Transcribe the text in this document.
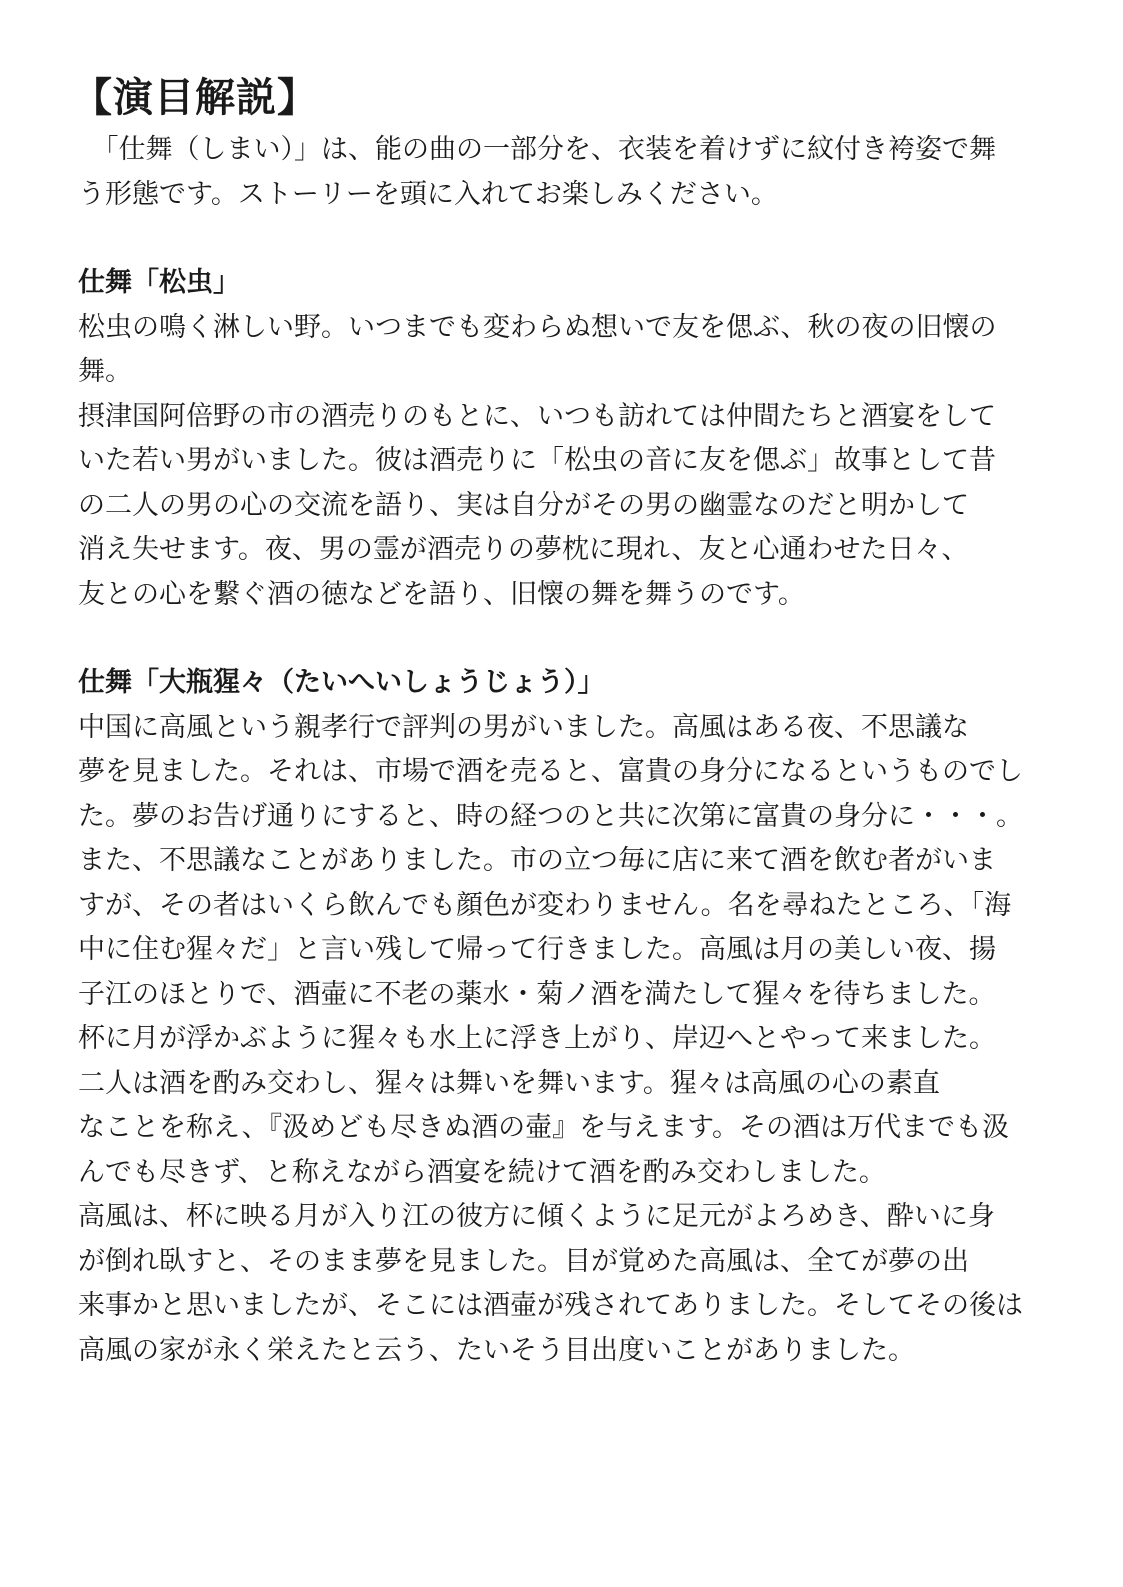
【演目解説】

　「仕舞（しまい）」は、能の曲の一部分を、衣装を着けずに紋付き袴姿で舞

う形態です。ストーリーを頭に入れてお楽しみください。

仕舞「松虫」

松虫の鳴く淋しい野。いつまでも変わらぬ想いで友を偲ぶ、秋の夜の旧懐の

舞。

摂津国阿倍野の市の酒売りのもとに、いつも訪れては仲間たちと酒宴をして

いた若い男がいました。彼は酒売りに「松虫の音に友を偲ぶ」故事として昔

の二人の男の心の交流を語り、実は自分がその男の幽霊なのだと明かして

消え失せます。夜、男の霊が酒売りの夢枕に現れ、友と心通わせた日々、

友との心を繋ぐ酒の徳などを語り、旧懐の舞を舞うのです。

仕舞「大瓶猩々（たいへいしょうじょう）」

中国に高風という親孝行で評判の男がいました。高風はある夜、不思議な

夢を見ました。それは、市場で酒を売ると、富貴の身分になるというものでし

た。夢のお告げ通りにすると、時の経つのと共に次第に富貴の身分に・・・。

また、不思議なことがありました。市の立つ毎に店に来て酒を飲む者がいま

すが、その者はいくら飲んでも顔色が変わりません。名を尋ねたところ、「海

中に住む猩々だ」と言い残して帰って行きました。高風は月の美しい夜、揚

子江のほとりで、酒壷に不老の薬水・菊ノ酒を満たして猩々を待ちました。

杯に月が浮かぶように猩々も水上に浮き上がり、岸辺へとやって来ました。

二人は酒を酌み交わし、猩々は舞いを舞います。猩々は高風の心の素直

なことを称え、『汲めども尽きぬ酒の壷』を与えます。その酒は万代までも汲

んでも尽きず、と称えながら酒宴を続けて酒を酌み交わしました。

高風は、杯に映る月が入り江の彼方に傾くように足元がよろめき、酔いに身

が倒れ臥すと、そのまま夢を見ました。目が覚めた高風は、全てが夢の出

来事かと思いましたが、そこには酒壷が残されてありました。そしてその後は

高風の家が永く栄えたと云う、たいそう目出度いことがありました。
